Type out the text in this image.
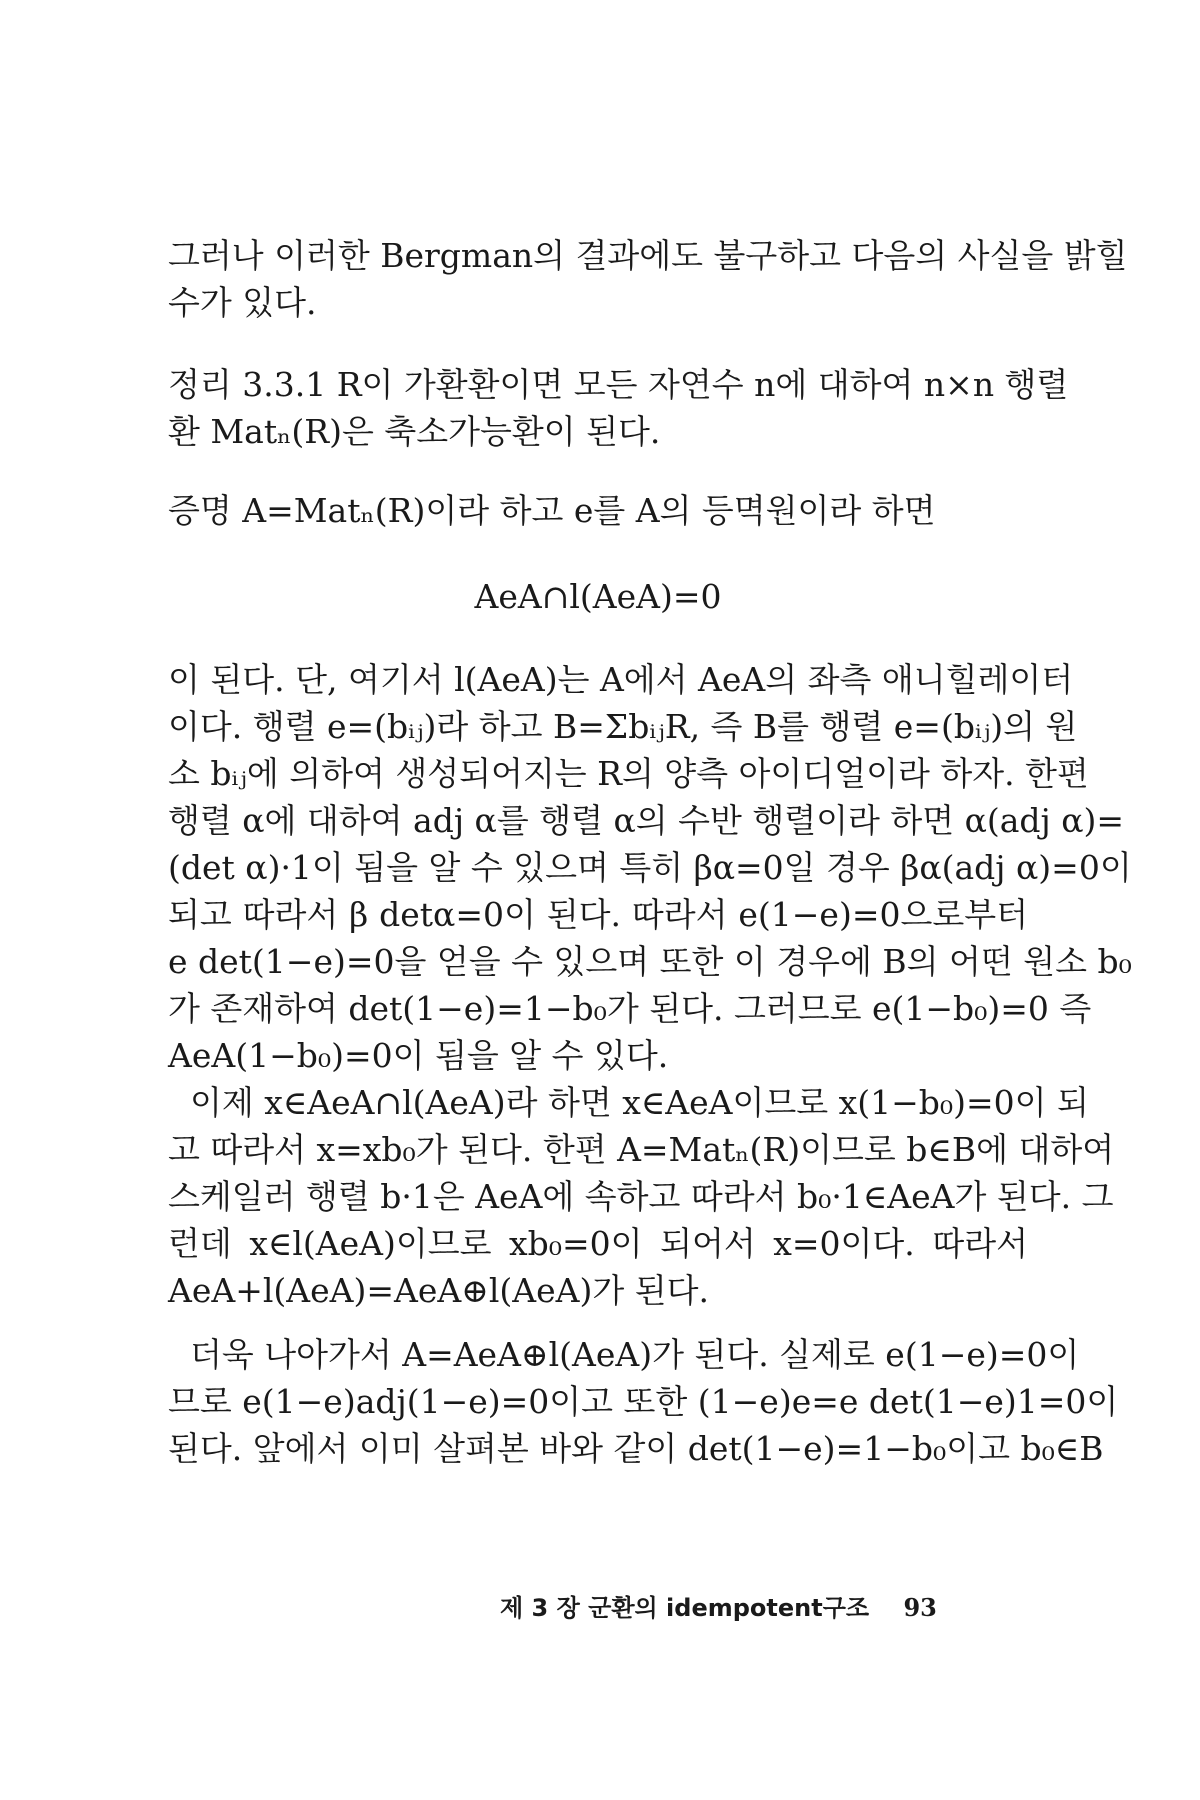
그러나 이러한 Bergman의 결과에도 불구하고 다음의 사실을 밝힐
수가 있다.
정리 3.3.1 R이 가환환이면 모든 자연수 n에 대하여 n×n 행렬
환 Matₙ(R)은 축소가능환이 된다.
증명 A=Matₙ(R)이라 하고 e를 A의 등멱원이라 하면
AeA∩l(AeA)=0
이 된다. 단, 여기서 l(AeA)는 A에서 AeA의 좌측 애니힐레이터
이다. 행렬 e=(bᵢⱼ)라 하고 B=ΣbᵢⱼR, 즉 B를 행렬 e=(bᵢⱼ)의 원
소 bᵢⱼ에 의하여 생성되어지는 R의 양측 아이디얼이라 하자. 한편
행렬 α에 대하여 adj α를 행렬 α의 수반 행렬이라 하면 α(adj α)=
(det α)·1이 됨을 알 수 있으며 특히 βα=0일 경우 βα(adj α)=0이
되고 따라서 β detα=0이 된다. 따라서 e(1−e)=0으로부터
e det(1−e)=0을 얻을 수 있으며 또한 이 경우에 B의 어떤 원소 b₀
가 존재하여 det(1−e)=1−b₀가 된다. 그러므로 e(1−b₀)=0 즉
AeA(1−b₀)=0이 됨을 알 수 있다.
이제 x∈AeA∩l(AeA)라 하면 x∈AeA이므로 x(1−b₀)=0이 되
고 따라서 x=xb₀가 된다. 한편 A=Matₙ(R)이므로 b∈B에 대하여
스케일러 행렬 b·1은 AeA에 속하고 따라서 b₀·1∈AeA가 된다. 그
런데 x∈l(AeA)이므로 xb₀=0이 되어서 x=0이다. 따라서
AeA+l(AeA)=AeA⊕l(AeA)가 된다.
더욱 나아가서 A=AeA⊕l(AeA)가 된다. 실제로 e(1−e)=0이
므로 e(1−e)adj(1−e)=0이고 또한 (1−e)e=e det(1−e)1=0이
된다. 앞에서 이미 살펴본 바와 같이 det(1−e)=1−b₀이고 b₀∈B
제 3 장 군환의 idempotent구조 93
